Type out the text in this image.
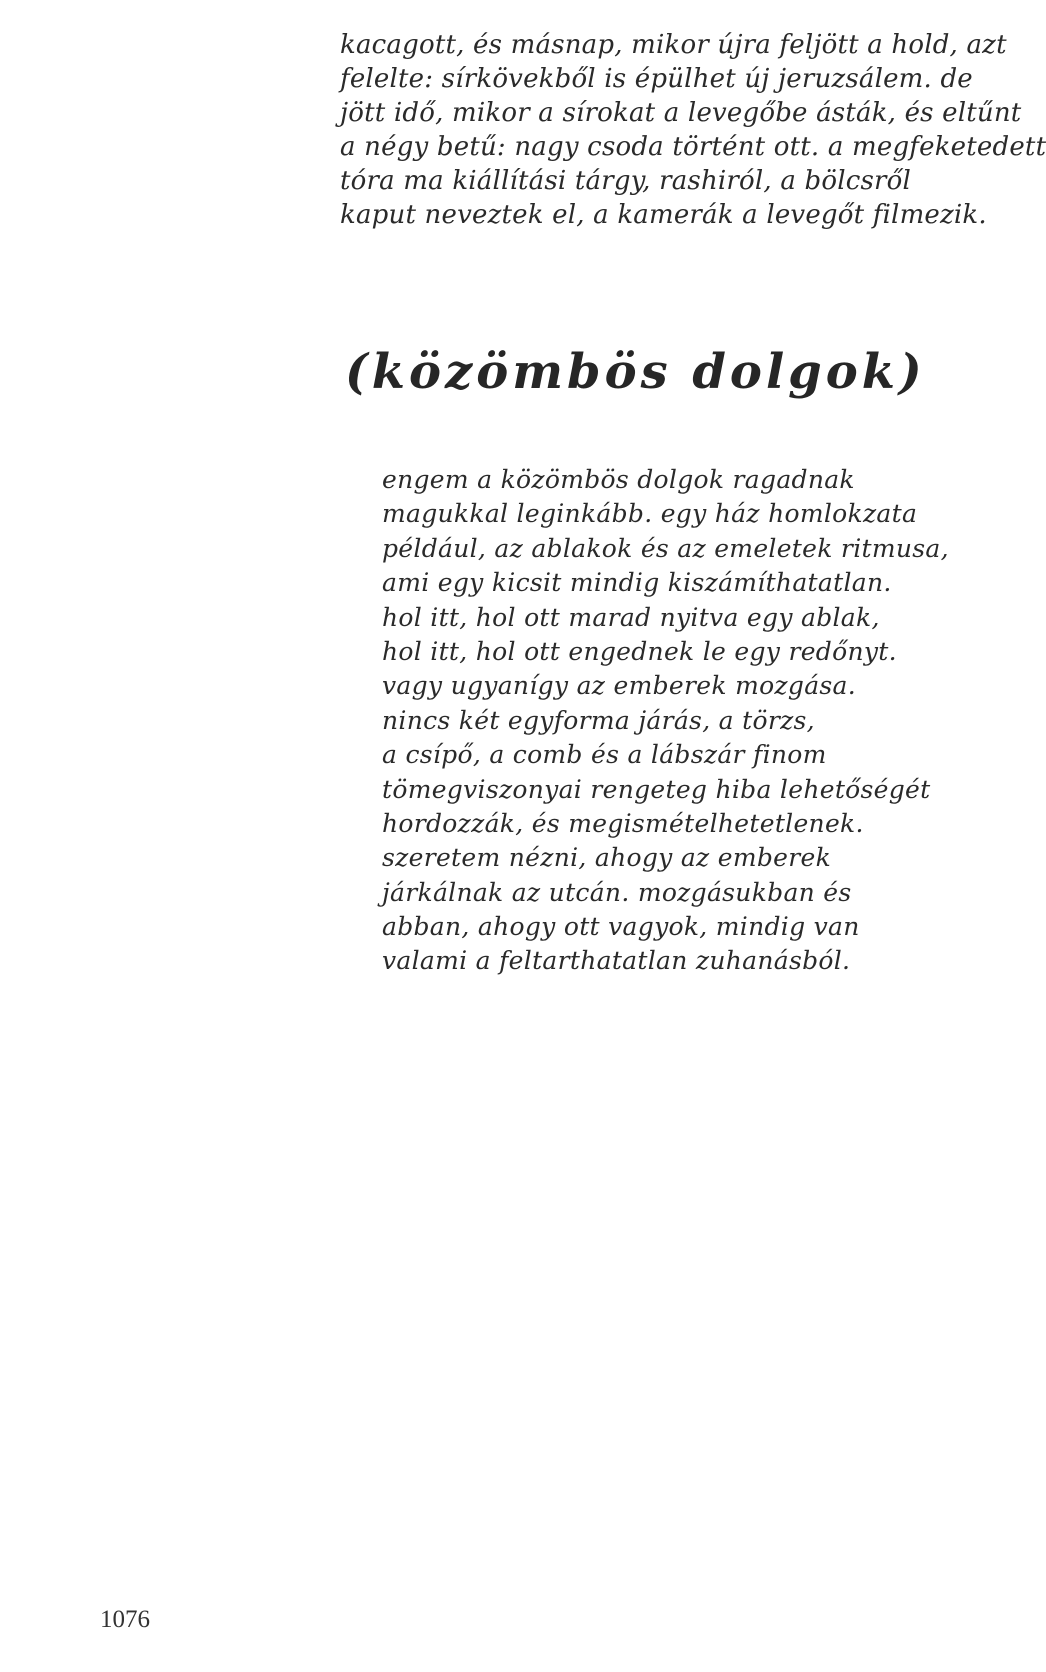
kacagott, és másnap, mikor újra feljött a hold, azt
felelte: sírkövekből is épülhet új jeruzsálem. de
jött idő, mikor a sírokat a levegőbe ásták, és eltűnt
a négy betű: nagy csoda történt ott. a megfeketedett
tóra ma kiállítási tárgy, rashiról, a bölcsről
kaput neveztek el, a kamerák a levegőt filmezik.
(közömbös dolgok)
engem a közömbös dolgok ragadnak
magukkal leginkább. egy ház homlokzata
például, az ablakok és az emeletek ritmusa,
ami egy kicsit mindig kiszámíthatatlan.
hol itt, hol ott marad nyitva egy ablak,
hol itt, hol ott engednek le egy redőnyt.
vagy ugyanígy az emberek mozgása.
nincs két egyforma járás, a törzs,
a csípő, a comb és a lábszár finom
tömegviszonyai rengeteg hiba lehetőségét
hordozzák, és megismételhetetlenek.
szeretem nézni, ahogy az emberek
járkálnak az utcán. mozgásukban és
abban, ahogy ott vagyok, mindig van
valami a feltarthatatlan zuhanásból.
1076
